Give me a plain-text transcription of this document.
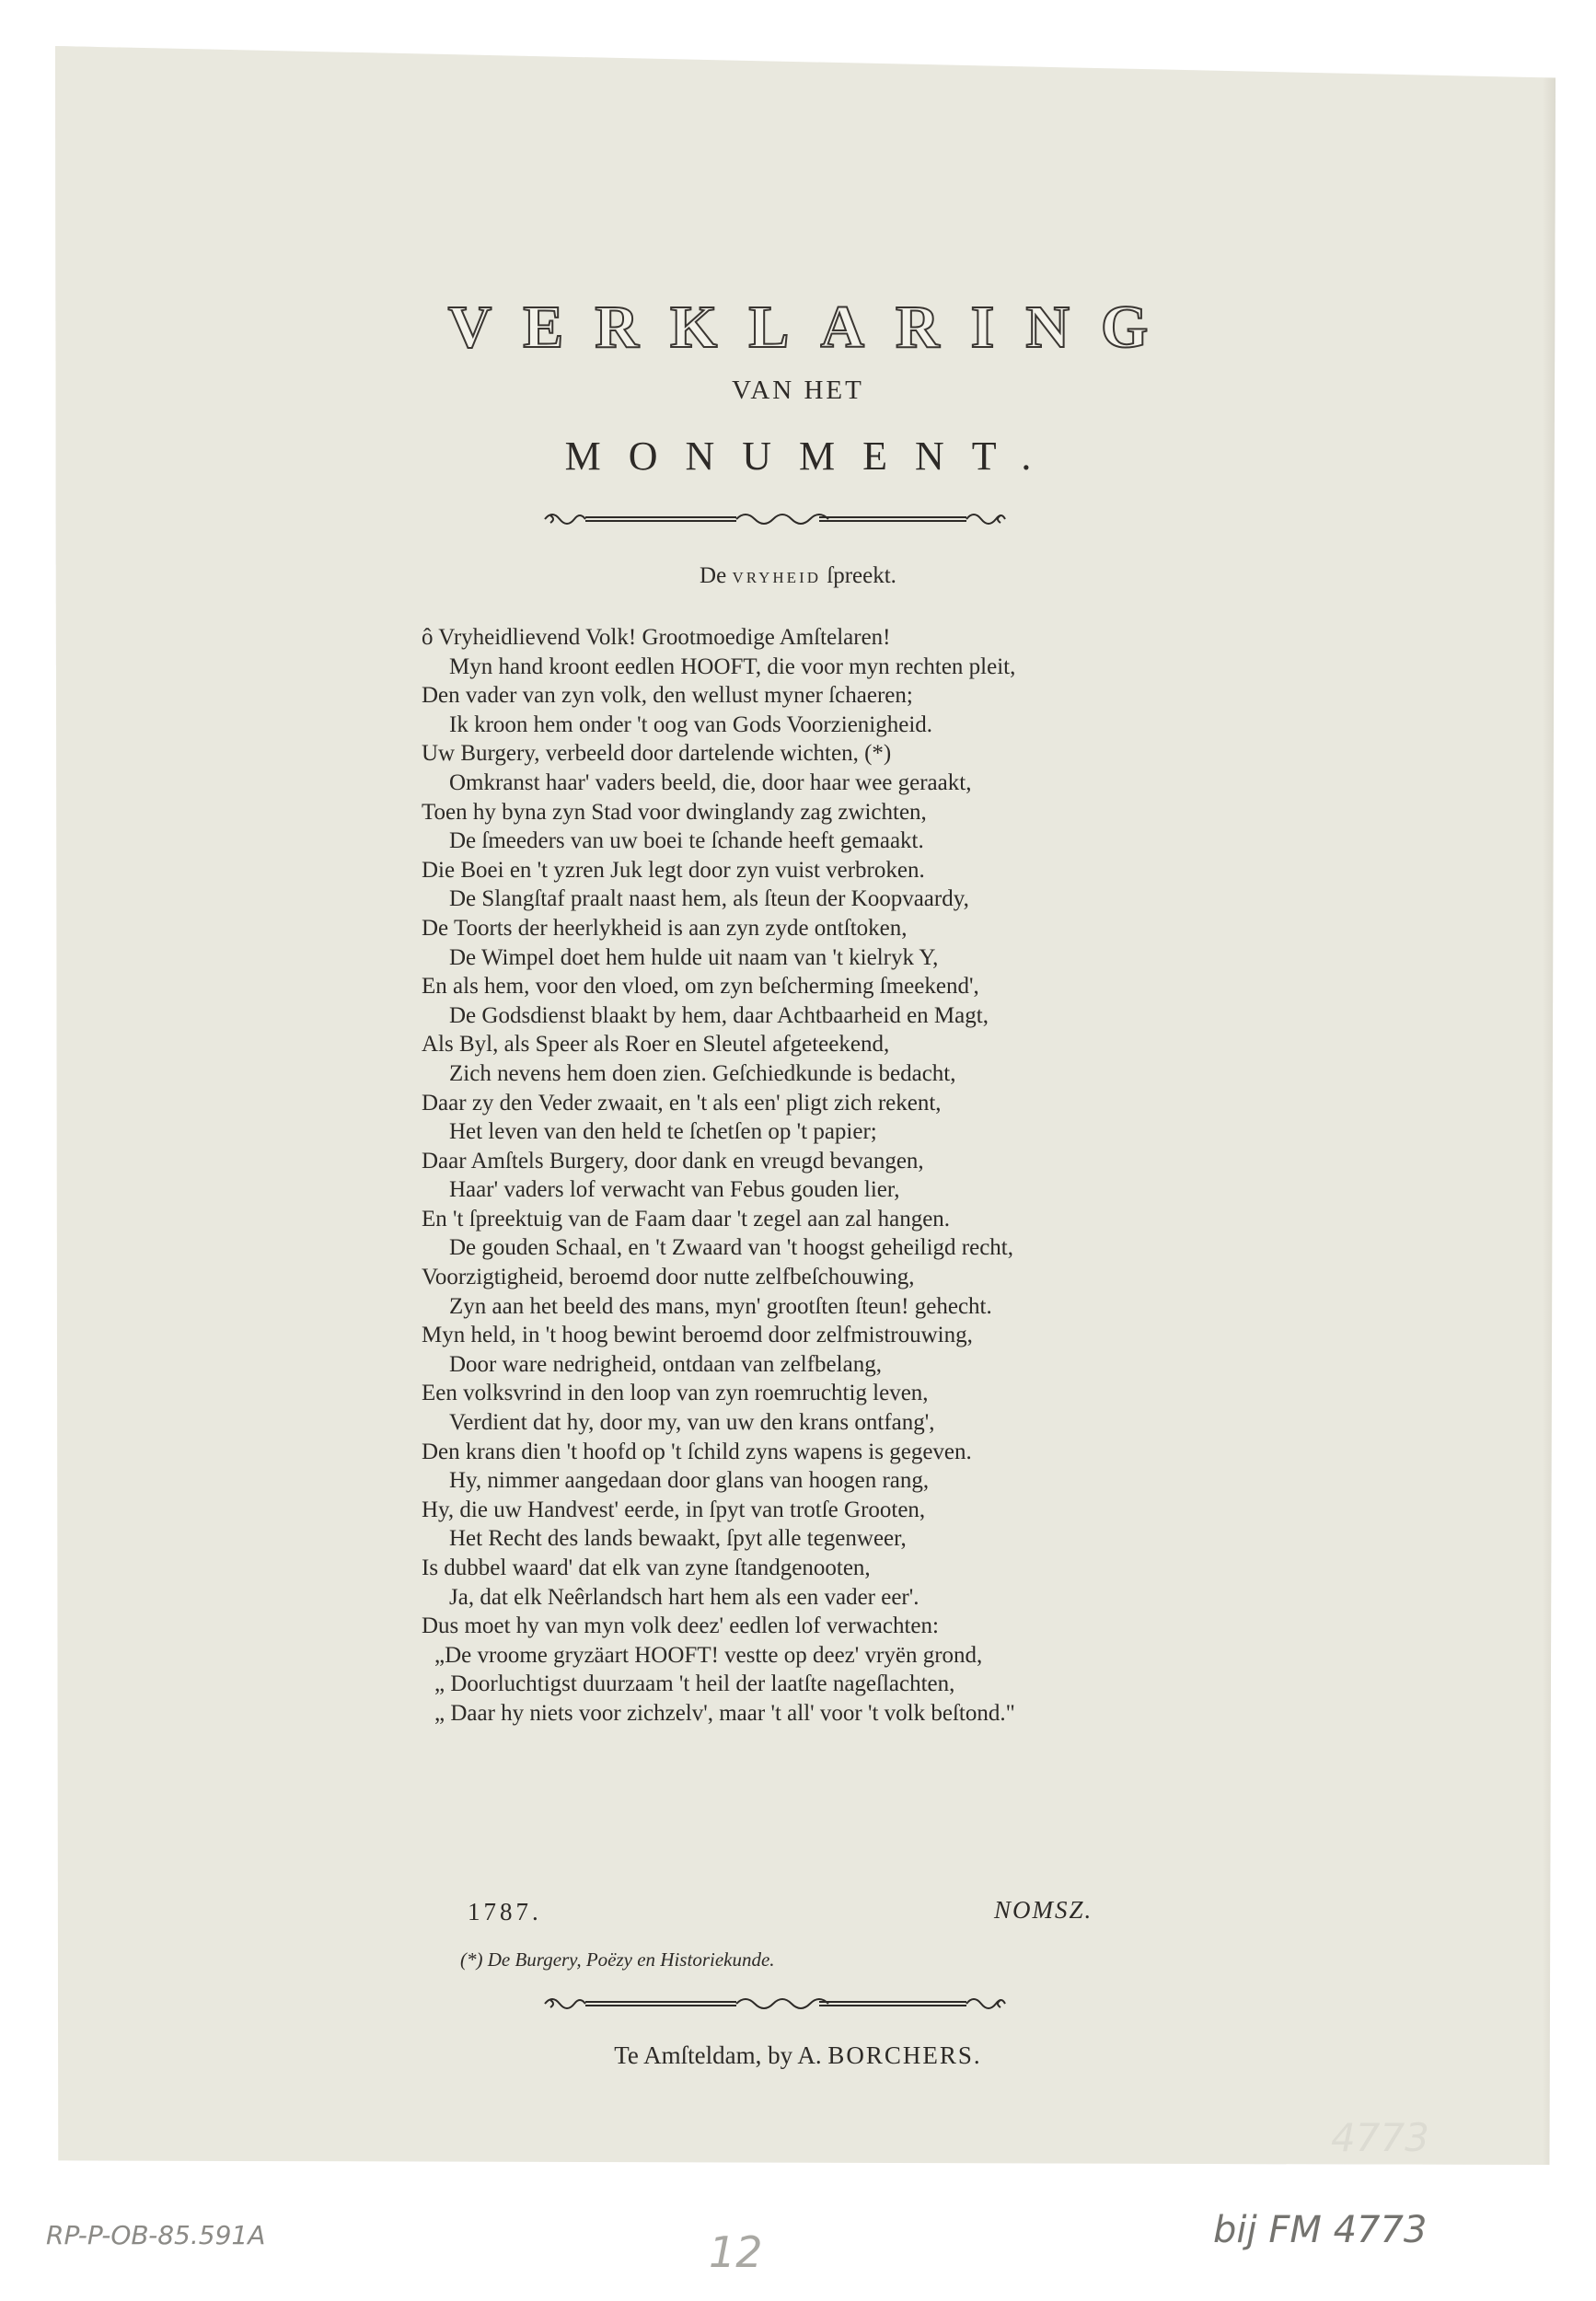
VERKLARING
VAN HET
MONUMENT.
De VRYHEID ſpreekt.
ô Vryheidlievend Volk! Grootmoedige Amſtelaren!
Myn hand kroont eedlen HOOFT, die voor myn rechten pleit,
Den vader van zyn volk, den wellust myner ſchaeren;
Ik kroon hem onder 't oog van Gods Voorzienigheid.
Uw Burgery, verbeeld door dartelende wichten, (*)
Omkranst haar' vaders beeld, die, door haar wee geraakt,
Toen hy byna zyn Stad voor dwinglandy zag zwichten,
De ſmeeders van uw boei te ſchande heeft gemaakt.
Die Boei en 't yzren Juk legt door zyn vuist verbroken.
De Slangſtaf praalt naast hem, als ſteun der Koopvaardy,
De Toorts der heerlykheid is aan zyn zyde ontſtoken,
De Wimpel doet hem hulde uit naam van 't kielryk Y,
En als hem, voor den vloed, om zyn beſcherming ſmeekend',
De Godsdienst blaakt by hem, daar Achtbaarheid en Magt,
Als Byl, als Speer als Roer en Sleutel afgeteekend,
Zich nevens hem doen zien. Geſchiedkunde is bedacht,
Daar zy den Veder zwaait, en 't als een' pligt zich rekent,
Het leven van den held te ſchetſen op 't papier;
Daar Amſtels Burgery, door dank en vreugd bevangen,
Haar' vaders lof verwacht van Febus gouden lier,
En 't ſpreektuig van de Faam daar 't zegel aan zal hangen.
De gouden Schaal, en 't Zwaard van 't hoogst geheiligd recht,
Voorzigtigheid, beroemd door nutte zelfbeſchouwing,
Zyn aan het beeld des mans, myn' grootſten ſteun! gehecht.
Myn held, in 't hoog bewint beroemd door zelfmistrouwing,
Door ware nedrigheid, ontdaan van zelfbelang,
Een volksvrind in den loop van zyn roemruchtig leven,
Verdient dat hy, door my, van uw den krans ontfang',
Den krans dien 't hoofd op 't ſchild zyns wapens is gegeven.
Hy, nimmer aangedaan door glans van hoogen rang,
Hy, die uw Handvest' eerde, in ſpyt van trotſe Grooten,
Het Recht des lands bewaakt, ſpyt alle tegenweer,
Is dubbel waard' dat elk van zyne ſtandgenooten,
Ja, dat elk Neêrlandsch hart hem als een vader eer'.
Dus moet hy van myn volk deez' eedlen lof verwachten:
„De vroome gryzäart HOOFT! vestte op deez' vryën grond,
„ Doorluchtigst duurzaam 't heil der laatſte nageſlachten,
„ Daar hy niets voor zichzelv', maar 't all' voor 't volk beſtond."
1787.	NOMSZ.
(*) De Burgery, Poëzy en Historiekunde.
Te Amſteldam, by A. BORCHERS.
4773
RP-P-OB-85.591A	12	bij FM 4773
